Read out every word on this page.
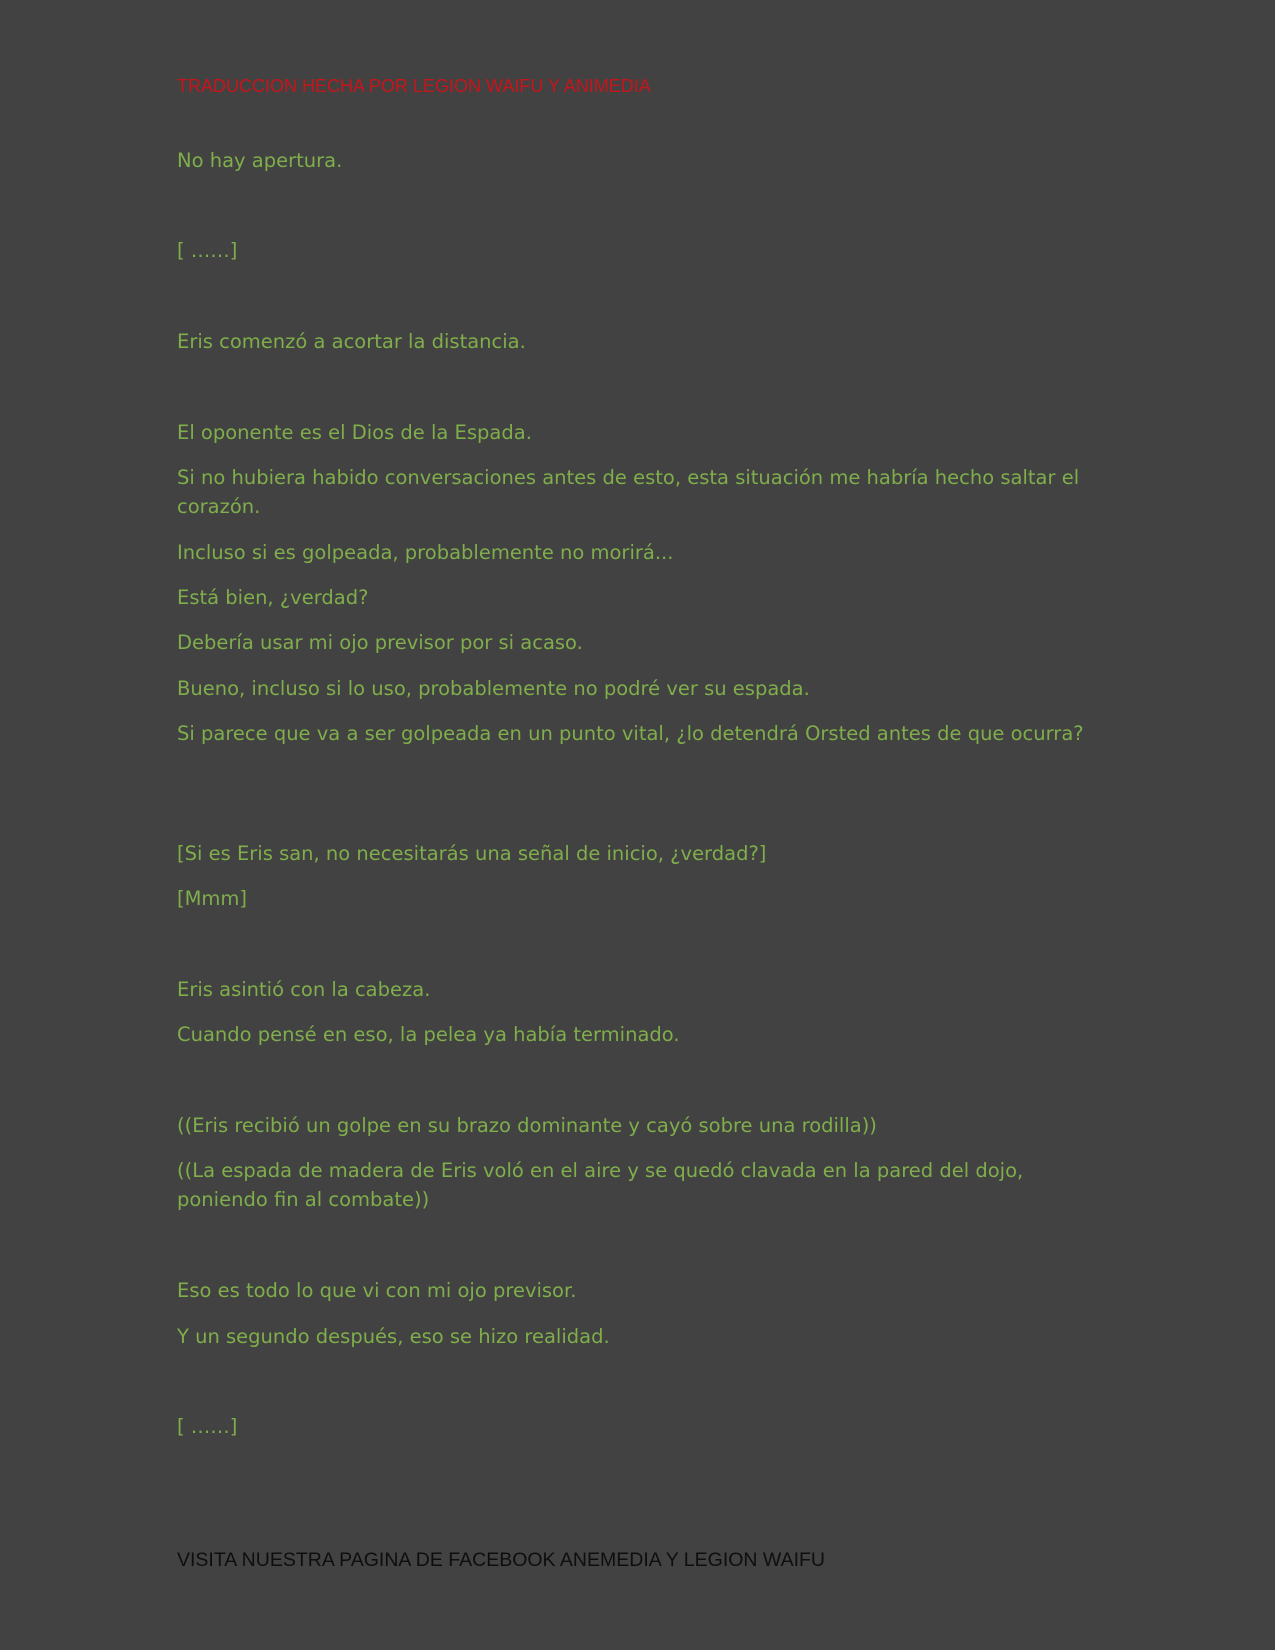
TRADUCCION HECHA POR LEGION WAIFU Y ANIMEDIA
No hay apertura.
[ ……]
Eris comenzó a acortar la distancia.
El oponente es el Dios de la Espada.
Si no hubiera habido conversaciones antes de esto, esta situación me habría hecho saltar el corazón.
Incluso si es golpeada, probablemente no morirá...
Está bien, ¿verdad?
Debería usar mi ojo previsor por si acaso.
Bueno, incluso si lo uso, probablemente no podré ver su espada.
Si parece que va a ser golpeada en un punto vital, ¿lo detendrá Orsted antes de que ocurra?
[Si es Eris san, no necesitarás una señal de inicio, ¿verdad?]
[Mmm]
Eris asintió con la cabeza.
Cuando pensé en eso, la pelea ya había terminado.
((Eris recibió un golpe en su brazo dominante y cayó sobre una rodilla))
((La espada de madera de Eris voló en el aire y se quedó clavada en la pared del dojo, poniendo fin al combate))
Eso es todo lo que vi con mi ojo previsor.
Y un segundo después, eso se hizo realidad.
[ ……]
VISITA NUESTRA PAGINA DE FACEBOOK ANEMEDIA Y LEGION WAIFU
